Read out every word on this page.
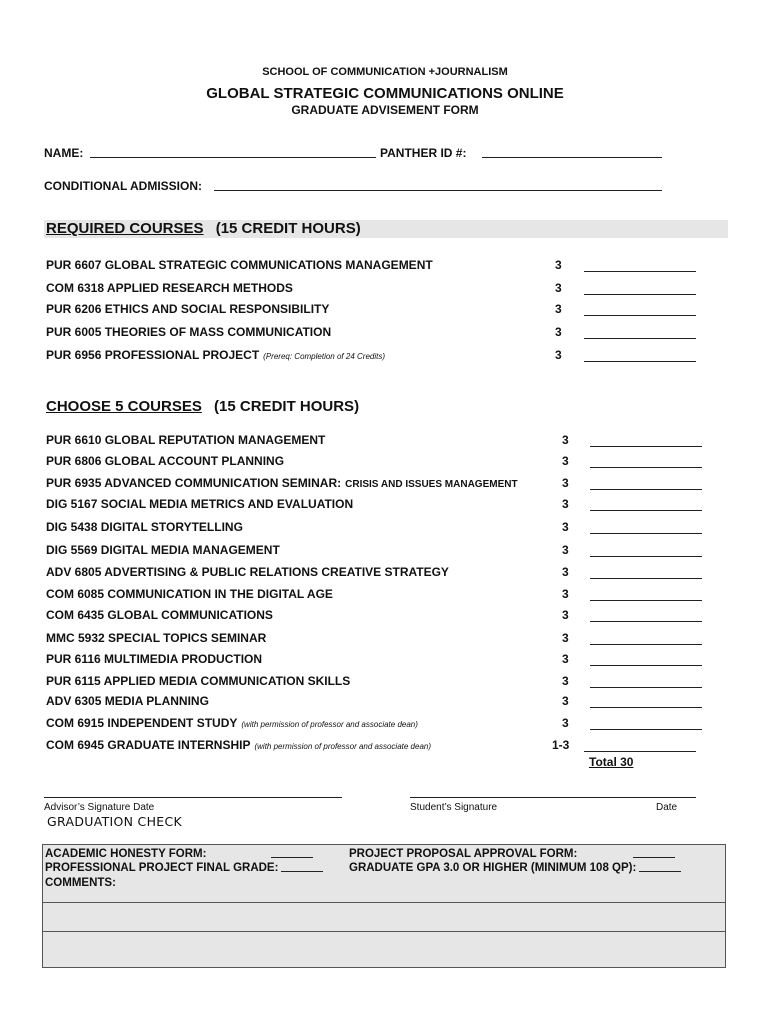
SCHOOL OF COMMUNICATION +JOURNALISM
GLOBAL STRATEGIC COMMUNICATIONS ONLINE
GRADUATE ADVISEMENT FORM
NAME:	PANTHER ID #:
CONDITIONAL ADMISSION:
REQUIRED COURSES (15 CREDIT HOURS)
PUR 6607 GLOBAL STRATEGIC COMMUNICATIONS MANAGEMENT	3
COM 6318 APPLIED RESEARCH METHODS	3
PUR 6206 ETHICS AND SOCIAL RESPONSIBILITY	3
PUR 6005 THEORIES OF MASS COMMUNICATION	3
PUR 6956 PROFESSIONAL PROJECT (Prereq: Completion of 24 Credits)	3
CHOOSE 5 COURSES (15 CREDIT HOURS)
PUR 6610 GLOBAL REPUTATION MANAGEMENT	3
PUR 6806 GLOBAL ACCOUNT PLANNING	3
PUR 6935 ADVANCED COMMUNICATION SEMINAR: CRISIS AND ISSUES MANAGEMENT	3
DIG 5167 SOCIAL MEDIA METRICS AND EVALUATION	3
DIG 5438 DIGITAL STORYTELLING	3
DIG 5569 DIGITAL MEDIA MANAGEMENT	3
ADV 6805 ADVERTISING & PUBLIC RELATIONS CREATIVE STRATEGY	3
COM 6085 COMMUNICATION IN THE DIGITAL AGE	3
COM 6435 GLOBAL COMMUNICATIONS	3
MMC 5932 SPECIAL TOPICS SEMINAR	3
PUR 6116 MULTIMEDIA PRODUCTION	3
PUR 6115 APPLIED MEDIA COMMUNICATION SKILLS	3
ADV 6305 MEDIA PLANNING	3
COM 6915 INDEPENDENT STUDY (with permission of professor and associate dean)	3
COM 6945 GRADUATE INTERNSHIP (with permission of professor and associate dean)	1-3
Total 30
Advisor’s Signature Date	Student’s Signature	Date
GRADUATION CHECK
ACADEMIC HONESTY FORM:	PROJECT PROPOSAL APPROVAL FORM:
PROFESSIONAL PROJECT FINAL GRADE:	GRADUATE GPA 3.0 OR HIGHER (MINIMUM 108 QP):
COMMENTS:
